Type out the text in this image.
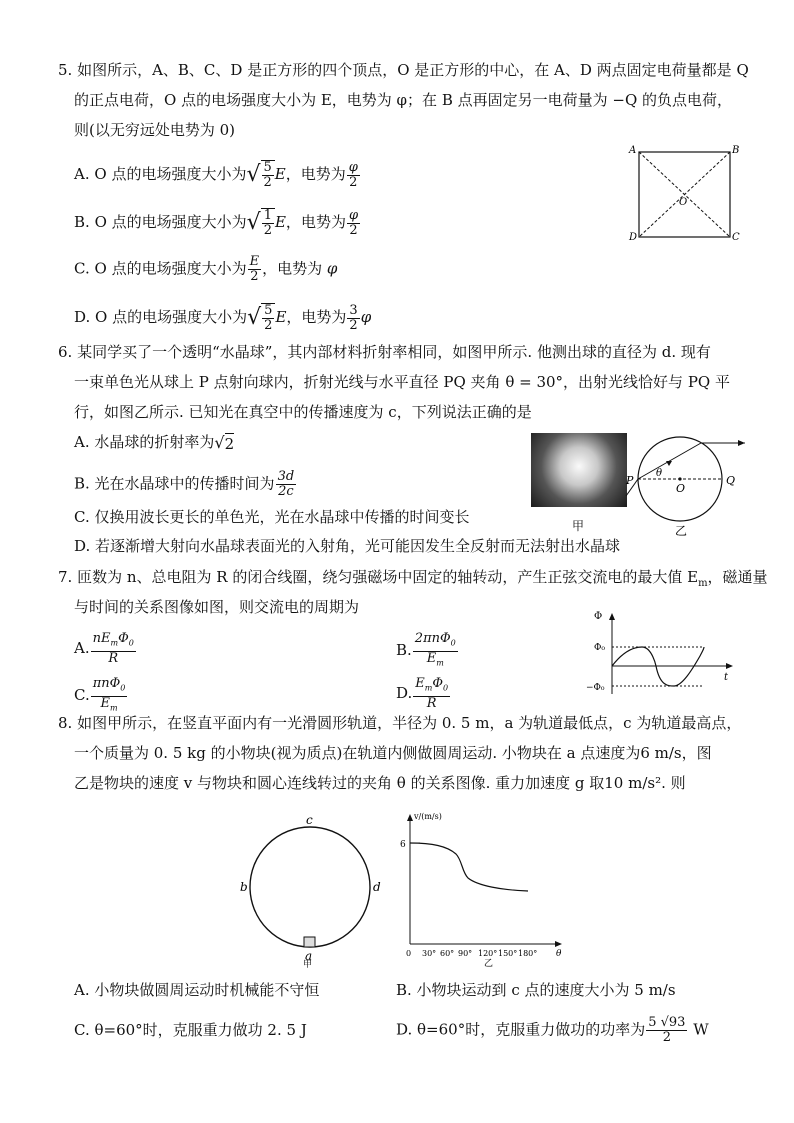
5. 如图所示，A、B、C、D 是正方形的四个顶点，O 是正方形的中心，在 A、D 两点固定电荷量都是 Q
的正点电荷，O 点的电场强度大小为 E，电势为 φ；在 B 点再固定另一电荷量为 −Q 的负点电荷，
则(以无穷远处电势为 0)
A. O 点的电场强度大小为√ $\frac{5}{2}$ E，电势为 $\frac{\varphi}{2}$
B. O 点的电场强度大小为√ $\frac{1}{2}$ E，电势为 $\frac{\varphi}{2}$
C. O 点的电场强度大小为 $\frac{E}{2}$ ，电势为 φ
D. O 点的电场强度大小为√ $\frac{5}{2}$ E，电势为 $\frac{3}{2}$ φ
A	B
C
D
O
6. 某同学买了一个透明“水晶球”，其内部材料折射率相同，如图甲所示. 他测出球的直径为 d. 现有
一束单色光从球上 P 点射向球内，折射光线与水平直径 PQ 夹角 θ = 30°，出射光线恰好与 PQ 平
行，如图乙所示. 已知光在真空中的传播速度为 c，下列说法正确的是
A. 水晶球的折射率为√2
B. 光在水晶球中的传播时间为 $\frac{3d}{2c}$
C. 仅换用波长更长的单色光，光在水晶球中传播的时间变长
D. 若逐渐增大射向水晶球表面光的入射角，光可能因发生全反射而无法射出水晶球
甲
P	Q
O
θ
乙
7. 匝数为 n、总电阻为 R 的闭合线圈，绕匀强磁场中固定的轴转动，产生正弦交流电的最大值 $E_m$，磁通量
与时间的关系图像如图，则交流电的周期为
A. $\frac{nE_m\Phi_0}{R}$	B. $\frac{2\pi n\Phi_0}{E_m}$
C. $\frac{\pi n\Phi_0}{E_m}$	D. $\frac{E_m\Phi_0}{R}$
Φ
Φ₀
−Φ₀
t
8. 如图甲所示，在竖直平面内有一光滑圆形轨道，半径为 0. 5 m，a 为轨道最低点，c 为轨道最高点，
一个质量为 0. 5 kg 的小物块(视为质点)在轨道内侧做圆周运动. 小物块在 a 点速度为6 m/s，图
乙是物块的速度 v 与物块和圆心连线转过的夹角 θ 的关系图像. 重力加速度 g 取10 m/s². 则
c
b	d
a
甲
v/(m/s)
6
0 30° 60° 90° 120° 150° 180° θ
乙
A. 小物块做圆周运动时机械能不守恒	B. 小物块运动到 c 点的速度大小为 5 m/s
C. θ=60°时，克服重力做功 2. 5 J	D. θ=60°时，克服重力做功的功率为 $\frac{5 √93}{2}$ W
